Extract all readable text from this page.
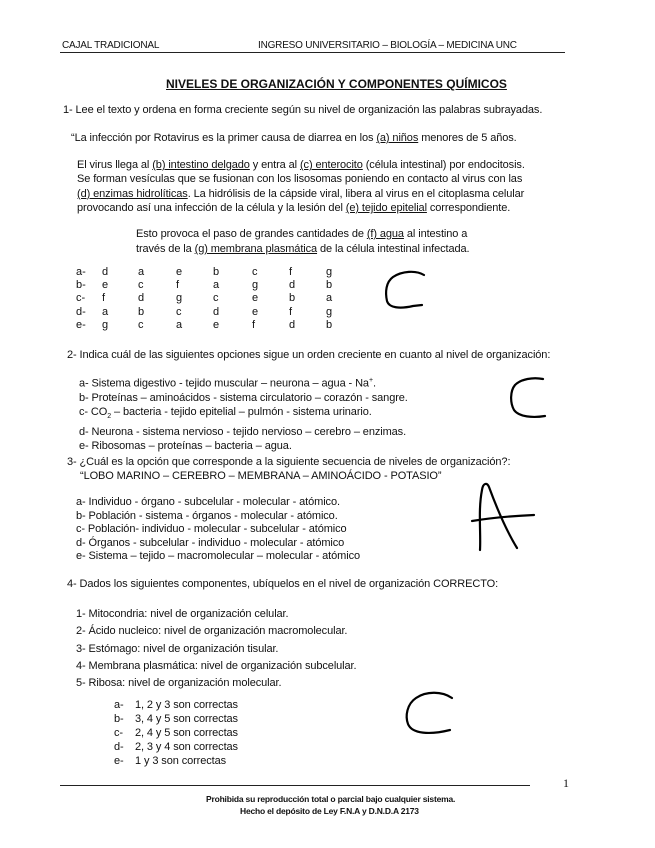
CAJAL TRADICIONAL	INGRESO UNIVERSITARIO – BIOLOGÍA – MEDICINA UNC
NIVELES DE ORGANIZACIÓN Y COMPONENTES QUÍMICOS
1- Lee el texto y ordena en forma creciente según su nivel de organización las palabras subrayadas.
“La infección por Rotavirus es la primer causa de diarrea en los (a) niños menores de 5 años.
El virus llega al (b) intestino delgado y entra al (c) enterocito (célula intestinal) por endocitosis.
Se forman vesículas que se fusionan con los lisosomas poniendo en contacto al virus con las
(d) enzimas hidrolíticas. La hidrólisis de la cápside viral, libera al virus en el citoplasma celular
provocando así una infección de la célula y la lesión del (e) tejido epitelial correspondiente.
Esto provoca el paso de grandes cantidades de (f) agua al intestino a
través de la (g) membrana plasmática de la célula intestinal infectada.
a-	d	a	e	b	c	f	g
b-	e	c	f	a	g	d	b
c-	f	d	g	c	e	b	a
d-	a	b	c	d	e	f	g
e-	g	c	a	e	f	d	b
2- Indica cuál de las siguientes opciones sigue un orden creciente en cuanto al nivel de organización:
a- Sistema digestivo - tejido muscular – neurona – agua - Na+.
b- Proteínas – aminoácidos - sistema circulatorio – corazón - sangre.
c- $CO_2$ – bacteria - tejido epitelial – pulmón - sistema urinario.
d- Neurona - sistema nervioso - tejido nervioso – cerebro – enzimas.
e- Ribosomas – proteínas – bacteria – agua.
3- ¿Cuál es la opción que corresponde a la siguiente secuencia de niveles de organización?:
“LOBO MARINO – CEREBRO – MEMBRANA – AMINOÁCIDO - POTASIO”
a- Individuo - órgano - subcelular - molecular - atómico.
b- Población - sistema - órganos - molecular - atómico.
c- Población- individuo - molecular - subcelular - atómico
d- Órganos - subcelular - individuo - molecular - atómico
e- Sistema – tejido – macromolecular – molecular - atómico
4- Dados los siguientes componentes, ubíquelos en el nivel de organización CORRECTO:
1- Mitocondria: nivel de organización celular.
2- Ácido nucleico: nivel de organización macromolecular.
3- Estómago: nivel de organización tisular.
4- Membrana plasmática: nivel de organización subcelular.
5- Ribosa: nivel de organización molecular.
a- 1, 2 y 3 son correctas
b- 3, 4 y 5 son correctas
c- 2, 4 y 5 son correctas
d- 2, 3 y 4 son correctas
e- 1 y 3 son correctas
1
Prohibida su reproducción total o parcial bajo cualquier sistema.
Hecho el depósito de Ley F.N.A y D.N.D.A 2173
